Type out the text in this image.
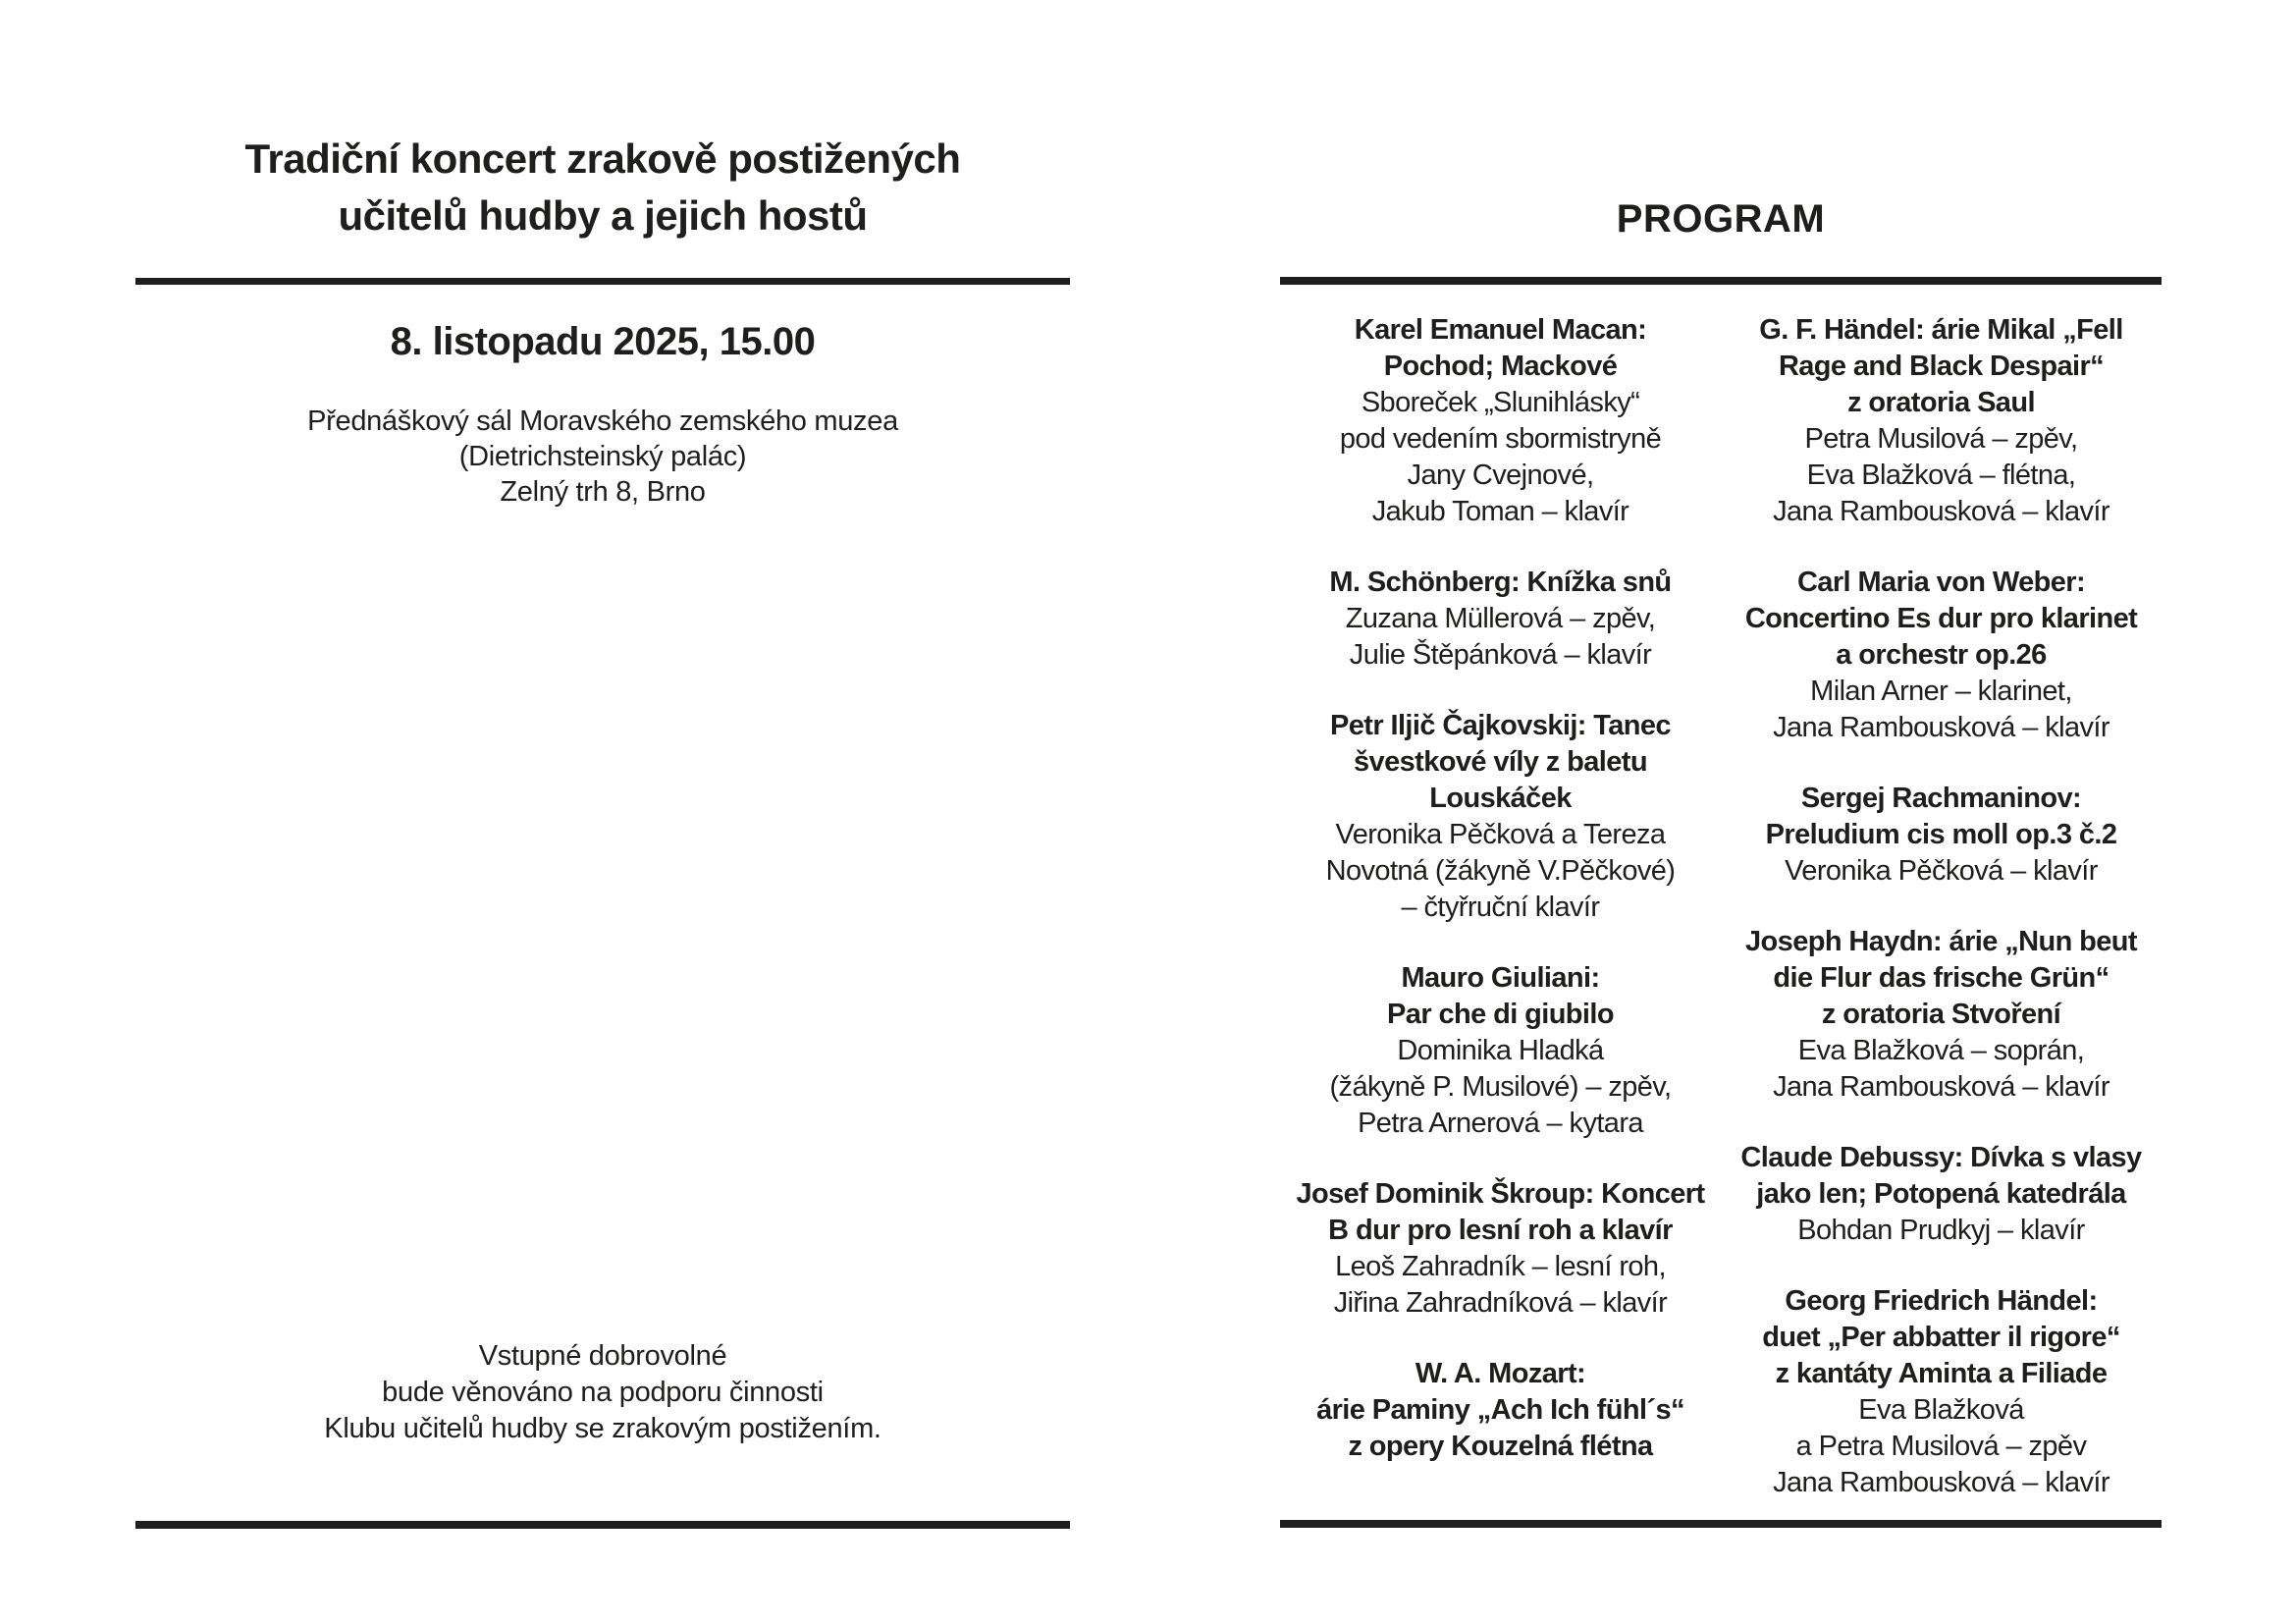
Tradiční koncert zrakově postižených
učitelů hudby a jejich hostů
8. listopadu 2025, 15.00
Přednáškový sál Moravského zemského muzea
(Dietrichsteinský palác)
Zelný trh 8, Brno
Vstupné dobrovolné
bude věnováno na podporu činnosti
Klubu učitelů hudby se zrakovým postižením.
PROGRAM
Karel Emanuel Macan:
Pochod; Mackové
Sboreček „Slunihlásky“
pod vedením sbormistryně
Jany Cvejnové,
Jakub Toman – klavír
M. Schönberg: Knížka snů
Zuzana Müllerová – zpěv,
Julie Štěpánková – klavír
Petr Iljič Čajkovskij: Tanec
švestkové víly z baletu
Louskáček
Veronika Pěčková a Tereza
Novotná (žákyně V.Pěčkové)
– čtyřruční klavír
Mauro Giuliani:
Par che di giubilo
Dominika Hladká
(žákyně P. Musilové) – zpěv,
Petra Arnerová – kytara
Josef Dominik Škroup: Koncert
B dur pro lesní roh a klavír
Leoš Zahradník – lesní roh,
Jiřina Zahradníková – klavír
W. A. Mozart:
árie Paminy „Ach Ich fühl´s“
z opery Kouzelná flétna
G. F. Händel: árie Mikal „Fell
Rage and Black Despair“
z oratoria Saul
Petra Musilová – zpěv,
Eva Blažková – flétna,
Jana Rambousková – klavír
Carl Maria von Weber:
Concertino Es dur pro klarinet
a orchestr op.26
Milan Arner – klarinet,
Jana Rambousková – klavír
Sergej Rachmaninov:
Preludium cis moll op.3 č.2
Veronika Pěčková – klavír
Joseph Haydn: árie „Nun beut
die Flur das frische Grün“
z oratoria Stvoření
Eva Blažková – soprán,
Jana Rambousková – klavír
Claude Debussy: Dívka s vlasy
jako len; Potopená katedrála
Bohdan Prudkyj – klavír
Georg Friedrich Händel:
duet „Per abbatter il rigore“
z kantáty Aminta a Filiade
Eva Blažková
a Petra Musilová – zpěv
Jana Rambousková – klavír
